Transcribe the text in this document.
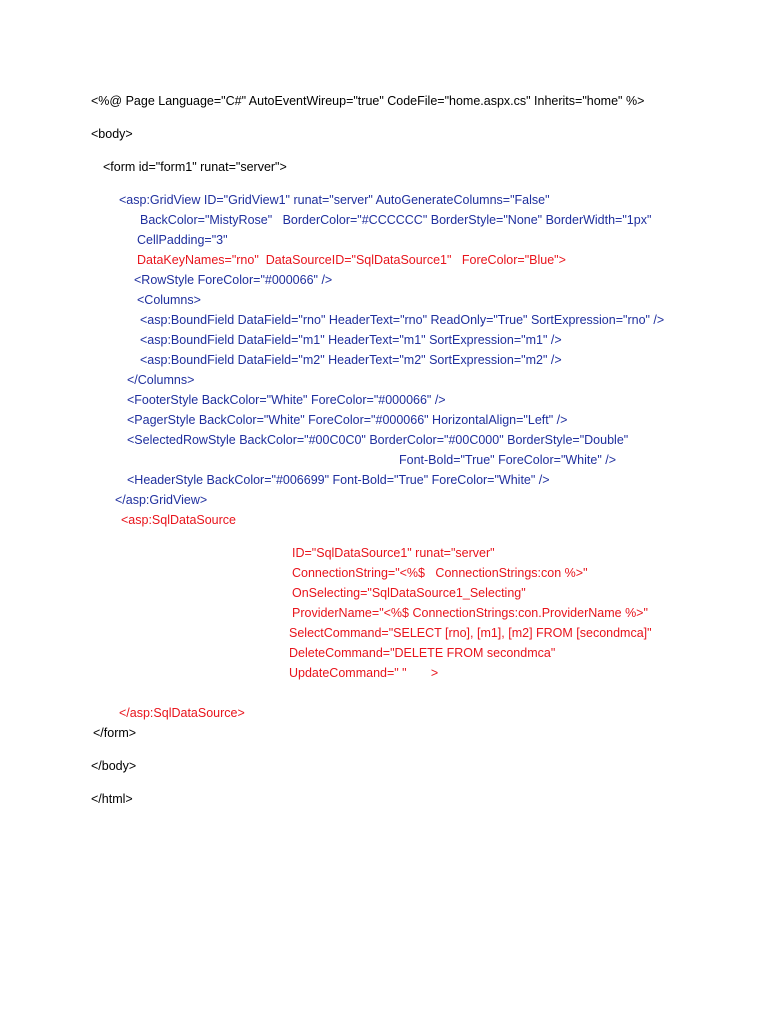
<%@ Page Language="C#" AutoEventWireup="true" CodeFile="home.aspx.cs" Inherits="home" %>
<body>
<form id="form1" runat="server">
<asp:GridView ID="GridView1" runat="server" AutoGenerateColumns="False"
BackColor="MistyRose"   BorderColor="#CCCCCC" BorderStyle="None" BorderWidth="1px"
CellPadding="3"
DataKeyNames="rno"  DataSourceID="SqlDataSource1"   ForeColor="Blue">
<RowStyle ForeColor="#000066" />
<Columns>
<asp:BoundField DataField="rno" HeaderText="rno" ReadOnly="True" SortExpression="rno" />
<asp:BoundField DataField="m1" HeaderText="m1" SortExpression="m1" />
<asp:BoundField DataField="m2" HeaderText="m2" SortExpression="m2" />
</Columns>
<FooterStyle BackColor="White" ForeColor="#000066" />
<PagerStyle BackColor="White" ForeColor="#000066" HorizontalAlign="Left" />
<SelectedRowStyle BackColor="#00C0C0" BorderColor="#00C000" BorderStyle="Double"
Font-Bold="True" ForeColor="White" />
<HeaderStyle BackColor="#006699" Font-Bold="True" ForeColor="White" />
</asp:GridView>
<asp:SqlDataSource
ID="SqlDataSource1" runat="server"
ConnectionString="<%$   ConnectionStrings:con %>"
OnSelecting="SqlDataSource1_Selecting"
ProviderName="<%$ ConnectionStrings:con.ProviderName %>"
SelectCommand="SELECT [rno], [m1], [m2] FROM [secondmca]"
DeleteCommand="DELETE FROM secondmca"
UpdateCommand=" "       >
</asp:SqlDataSource>
</form>
</body>
</html>
